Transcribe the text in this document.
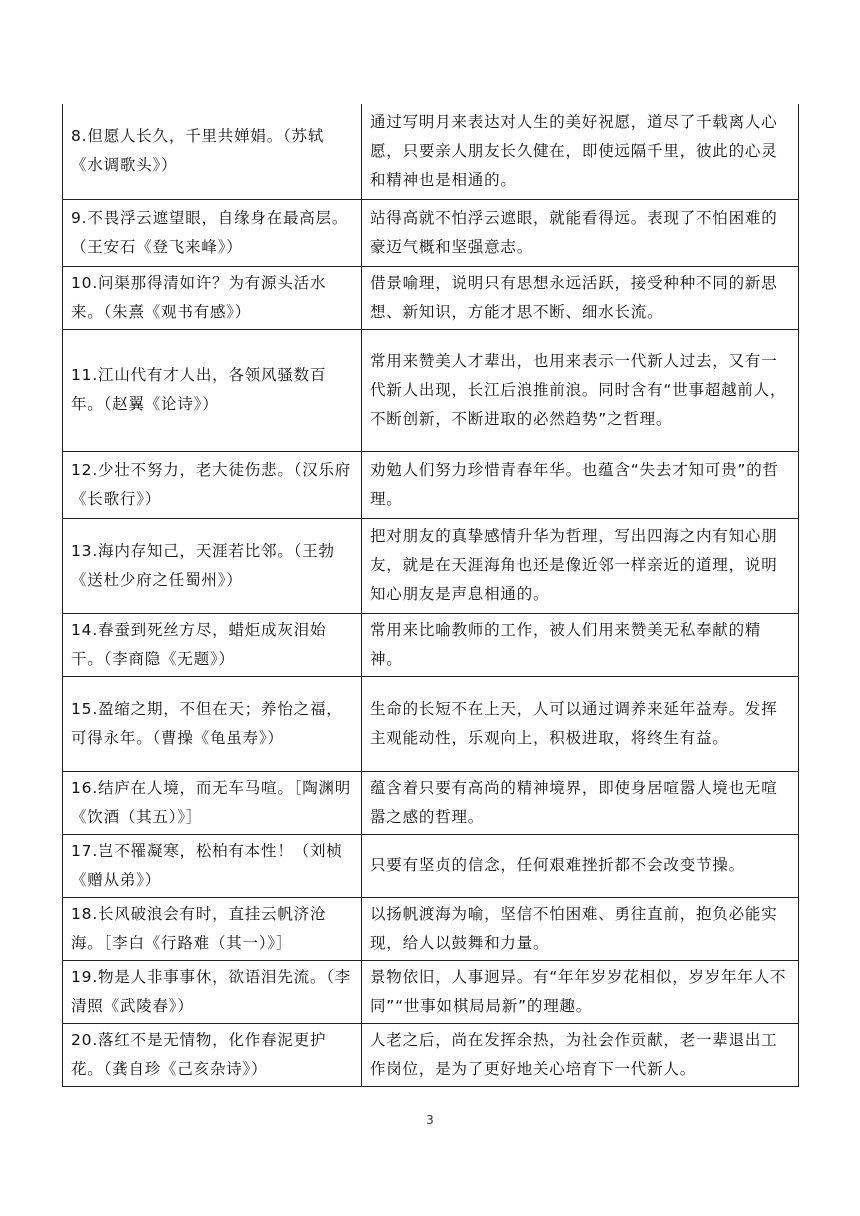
8.但愿人长久，千里共婵娟。（苏轼《水调歌头》）	通过写明月来表达对人生的美好祝愿，道尽了千载离人心愿，只要亲人朋友长久健在，即使远隔千里，彼此的心灵和精神也是相通的。
9.不畏浮云遮望眼，自缘身在最高层。（王安石《登飞来峰》）	站得高就不怕浮云遮眼，就能看得远。表现了不怕困难的豪迈气概和坚强意志。
10.问渠那得清如许？为有源头活水来。（朱熹《观书有感》）	借景喻理，说明只有思想永远活跃，接受种种不同的新思想、新知识，方能才思不断、细水长流。
11.江山代有才人出，各领风骚数百年。（赵翼《论诗》）	常用来赞美人才辈出，也用来表示一代新人过去，又有一代新人出现，长江后浪推前浪。同时含有“世事超越前人，不断创新，不断进取的必然趋势”之哲理。
12.少壮不努力，老大徒伤悲。（汉乐府《长歌行》）	劝勉人们努力珍惜青春年华。也蕴含“失去才知可贵”的哲理。
13.海内存知己，天涯若比邻。（王勃《送杜少府之任蜀州》）	把对朋友的真挚感情升华为哲理，写出四海之内有知心朋友，就是在天涯海角也还是像近邻一样亲近的道理，说明知心朋友是声息相通的。
14.春蚕到死丝方尽，蜡炬成灰泪始干。（李商隐《无题》）	常用来比喻教师的工作，被人们用来赞美无私奉献的精神。
15.盈缩之期，不但在天；养怡之福，可得永年。（曹操《龟虽寿》）	生命的长短不在上天，人可以通过调养来延年益寿。发挥主观能动性，乐观向上，积极进取，将终生有益。
16.结庐在人境，而无车马喧。［陶渊明《饮酒（其五）》］	蕴含着只要有高尚的精神境界，即使身居喧嚣人境也无喧嚣之感的哲理。
17.岂不罹凝寒，松柏有本性！（刘桢《赠从弟》）	只要有坚贞的信念，任何艰难挫折都不会改变节操。
18.长风破浪会有时，直挂云帆济沧海。［李白《行路难（其一）》］	以扬帆渡海为喻，坚信不怕困难、勇往直前，抱负必能实现，给人以鼓舞和力量。
19.物是人非事事休，欲语泪先流。（李清照《武陵春》）	景物依旧，人事迥异。有“年年岁岁花相似，岁岁年年人不同”“世事如棋局局新”的理趣。
20.落红不是无情物，化作春泥更护花。（龚自珍《己亥杂诗》）	人老之后，尚在发挥余热，为社会作贡献，老一辈退出工作岗位，是为了更好地关心培育下一代新人。
3
